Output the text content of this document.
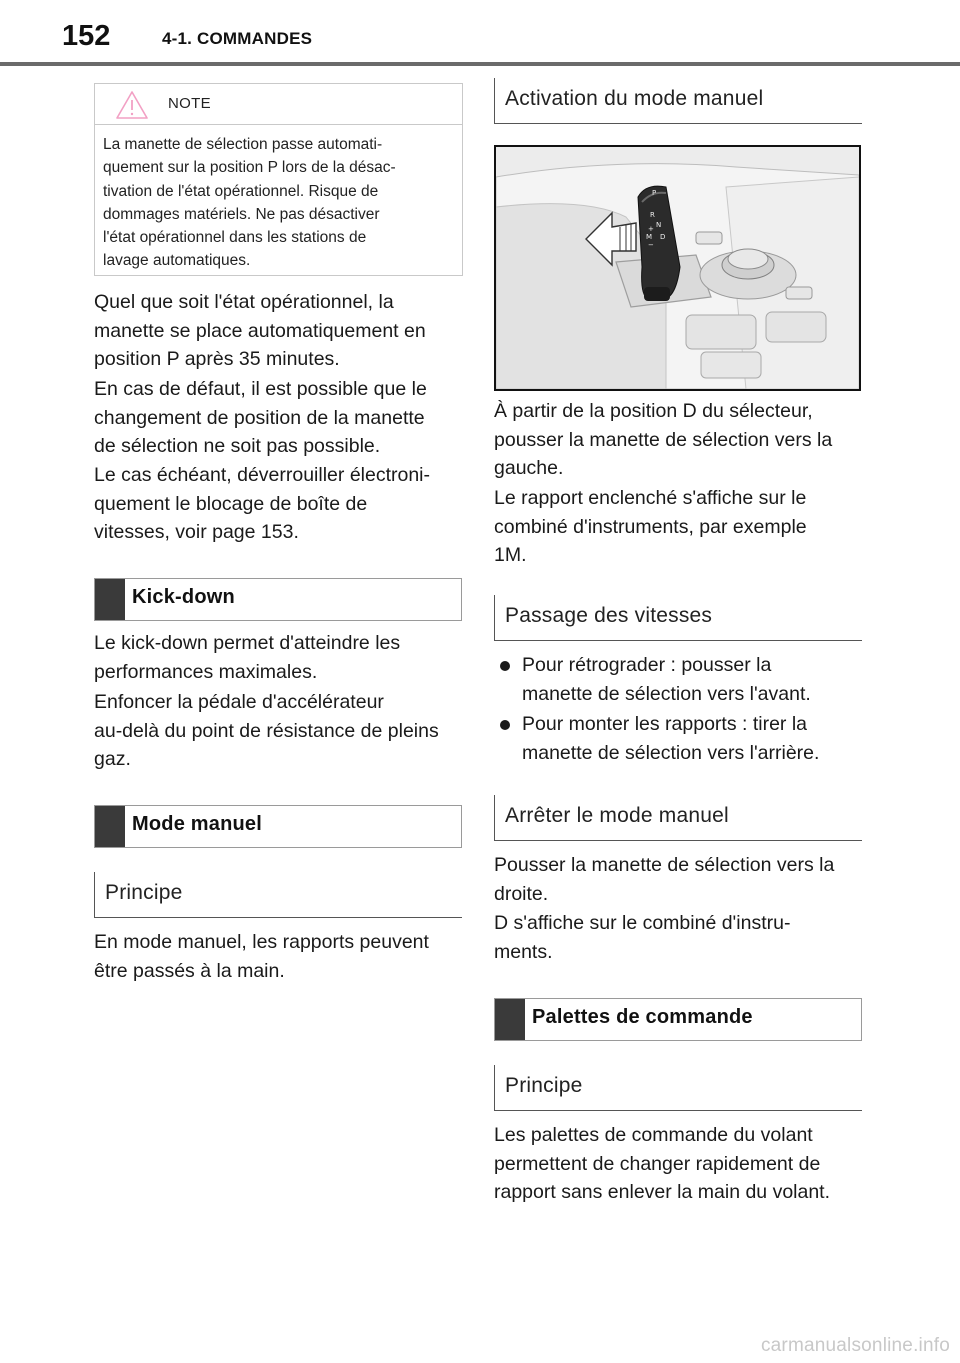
152	4-1. COMMANDES
NOTE
La manette de sélection passe automati-
quement sur la position P lors de la désac-
tivation de l'état opérationnel. Risque de
dommages matériels. Ne pas désactiver
l'état opérationnel dans les stations de
lavage automatiques.
Quel que soit l'état opérationnel, la
manette se place automatiquement en
position P après 35 minutes.
En cas de défaut, il est possible que le
changement de position de la manette
de sélection ne soit pas possible.
Le cas échéant, déverrouiller électroni-
quement le blocage de boîte de
vitesses, voir page 153.
Kick-down
Le kick-down permet d'atteindre les
performances maximales.
Enfoncer la pédale d'accélérateur
au-delà du point de résistance de pleins
gaz.
Mode manuel
Principe
En mode manuel, les rapports peuvent
être passés à la main.
Activation du mode manuel
P
R
N
D
M
+
−
À partir de la position D du sélecteur,
pousser la manette de sélection vers la
gauche.
Le rapport enclenché s'affiche sur le
combiné d'instruments, par exemple
1M.
Passage des vitesses
Pour rétrograder : pousser la
manette de sélection vers l'avant.
Pour monter les rapports : tirer la
manette de sélection vers l'arrière.
Arrêter le mode manuel
Pousser la manette de sélection vers la
droite.
D s'affiche sur le combiné d'instru-
ments.
Palettes de commande
Principe
Les palettes de commande du volant
permettent de changer rapidement de
rapport sans enlever la main du volant.
carmanualsonline.info
